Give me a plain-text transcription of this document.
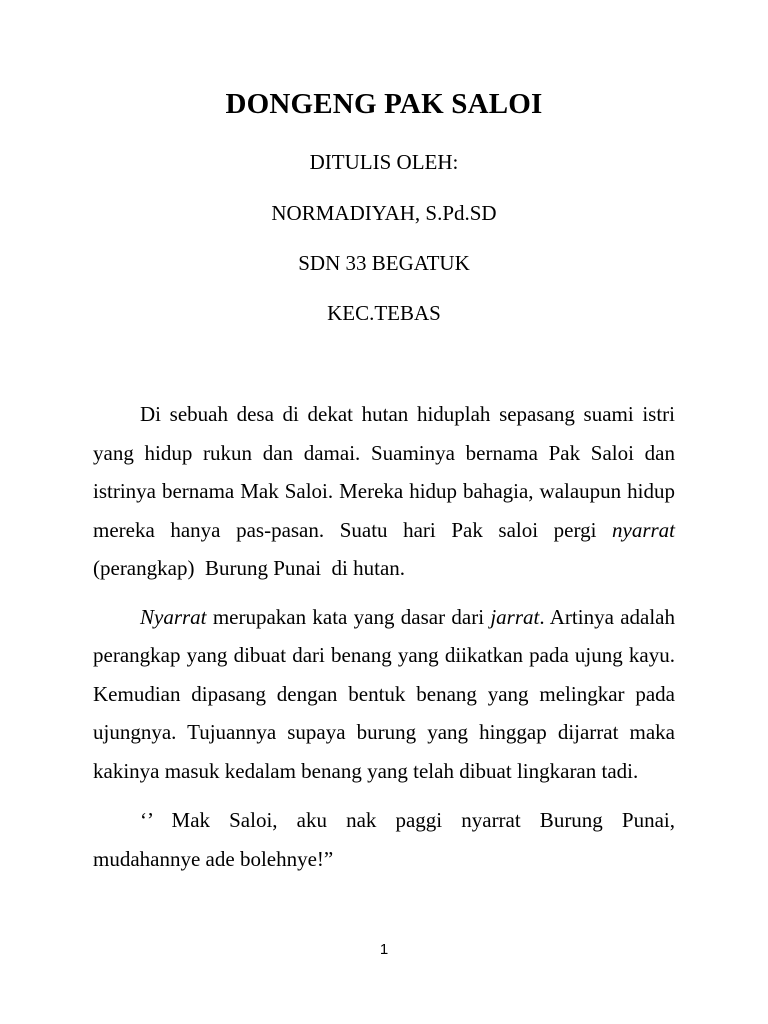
DONGENG PAK SALOI
DITULIS OLEH:
NORMADIYAH, S.Pd.SD
SDN 33 BEGATUK
KEC.TEBAS

Di sebuah desa di dekat hutan hiduplah sepasang suami istri yang hidup rukun dan damai. Suaminya bernama Pak Saloi dan istrinya bernama Mak Saloi. Mereka hidup bahagia, walaupun hidup mereka hanya pas-pasan. Suatu hari Pak saloi pergi nyarrat  (perangkap)  Burung Punai  di hutan.

Nyarrat merupakan kata yang dasar dari jarrat. Artinya adalah perangkap yang dibuat dari benang yang diikatkan pada ujung kayu. Kemudian dipasang dengan bentuk benang yang melingkar pada ujungnya. Tujuannya supaya burung yang hinggap dijarrat maka kakinya masuk kedalam benang yang telah dibuat lingkaran tadi.

‘’ Mak Saloi, aku nak paggi nyarrat Burung Punai, mudahannye ade bolehnye!”

1
